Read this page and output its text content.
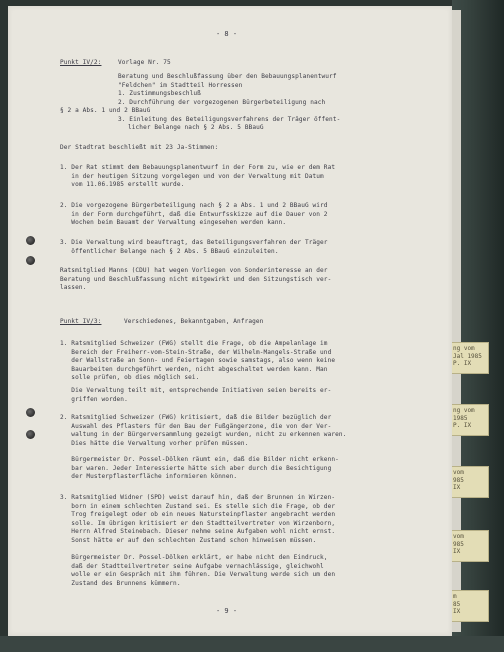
ng vom
Jal 1985
P. IX
ng vom
1985
P. IX
vom
985
IX
vom
985
IX
m
85
IX
- 8 -
Punkt IV/2:	Vorlage Nr. 75
Beratung und Beschlußfassung über den Bebauungsplanentwurf
"Feldchen" im Stadtteil Horressen
1. Zustimmungsbeschluß
2. Durchführung der vorgezogenen Bürgerbeteiligung nach
§ 2 a Abs. 1 und 2 BBauG
3. Einleitung des Beteiligungsverfahrens der Träger öffent-
licher Belange nach § 2 Abs. 5 BBauG
Der Stadtrat beschließt mit 23 Ja-Stimmen:
1. Der Rat stimmt dem Bebauungsplanentwurf in der Form zu, wie er dem Rat
in der heutigen Sitzung vorgelegen und von der Verwaltung mit Datum
vom 11.06.1985 erstellt wurde.
2. Die vorgezogene Bürgerbeteiligung nach § 2 a Abs. 1 und 2 BBauG wird
in der Form durchgeführt, daß die Entwurfsskizze auf die Dauer von 2
Wochen beim Bauamt der Verwaltung eingesehen werden kann.
3. Die Verwaltung wird beauftragt, das Beteiligungsverfahren der Träger
öffentlicher Belange nach § 2 Abs. 5 BBauG einzuleiten.
Ratsmitglied Manns (CDU) hat wegen Vorliegen von Sonderinteresse an der
Beratung und Beschlußfassung nicht mitgewirkt und den Sitzungstisch ver-
lassen.
Punkt IV/3:	Verschiedenes, Bekanntgaben, Anfragen
1. Ratsmitglied Schweizer (FWG) stellt die Frage, ob die Ampelanlage im
Bereich der Freiherr-vom-Stein-Straße, der Wilhelm-Mangels-Straße und
der Wallstraße an Sonn- und Feiertagen sowie samstags, also wenn keine
Bauarbeiten durchgeführt werden, nicht abgeschaltet werden kann. Man
solle prüfen, ob dies möglich sei.
Die Verwaltung teilt mit, entsprechende Initiativen seien bereits er-
griffen worden.
2. Ratsmitglied Schweizer (FWG) kritisiert, daß die Bilder bezüglich der
Auswahl des Pflasters für den Bau der Fußgängerzone, die von der Ver-
waltung in der Bürgerversammlung gezeigt wurden, nicht zu erkennen waren.
Dies hätte die Verwaltung vorher prüfen müssen.
Bürgermeister Dr. Possel-Dölken räumt ein, daß die Bilder nicht erkenn-
bar waren. Jeder Interessierte hätte sich aber durch die Besichtigung
der Musterpflasterfläche informieren können.
3. Ratsmitglied Widner (SPD) weist darauf hin, daß der Brunnen in Wirzen-
born in einem schlechten Zustand sei. Es stelle sich die Frage, ob der
Trog freigelegt oder ob ein neues Natursteinpflaster angebracht werden
solle. Im übrigen kritisiert er den Stadtteilvertreter von Wirzenborn,
Herrn Alfred Steinebach. Dieser nehme seine Aufgaben wohl nicht ernst.
Sonst hätte er auf den schlechten Zustand schon hinweisen müssen.
Bürgermeister Dr. Possel-Dölken erklärt, er habe nicht den Eindruck,
daß der Stadtteilvertreter seine Aufgabe vernachlässige, gleichwohl
wolle er ein Gespräch mit ihm führen. Die Verwaltung werde sich um den
Zustand des Brunnens kümmern.
- 9 -
